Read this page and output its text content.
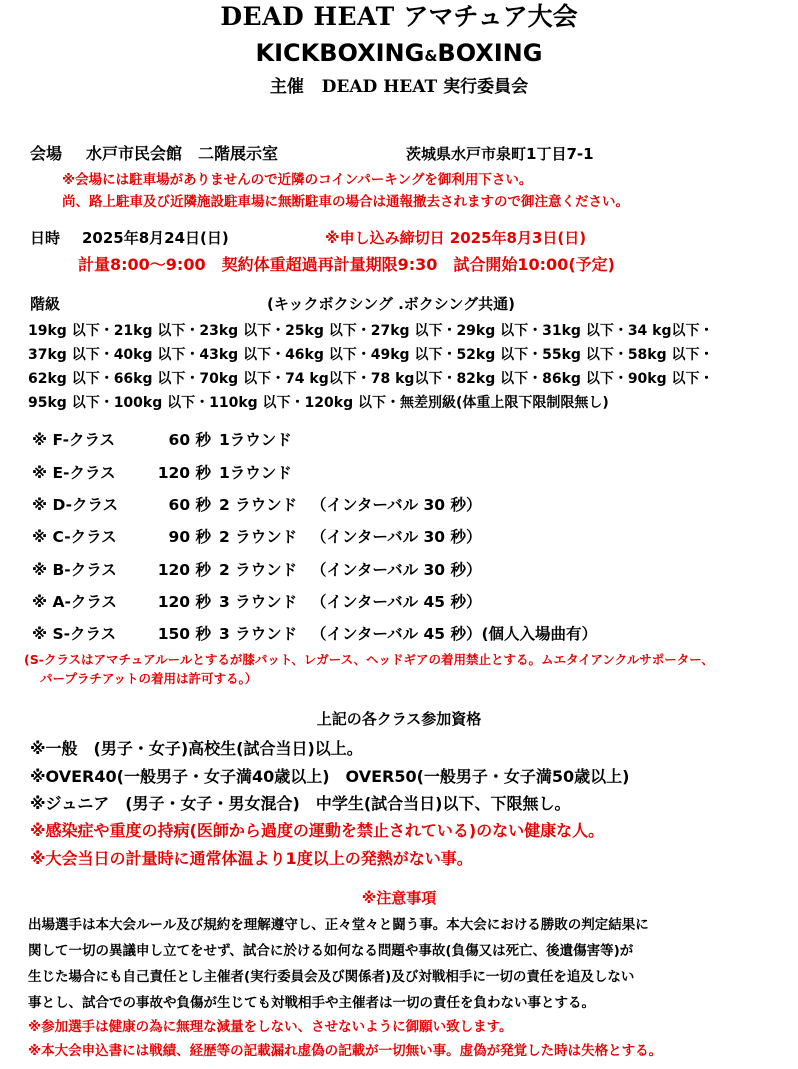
DEAD HEAT アマチュア大会
KICKBOXING&BOXING
主催 DEAD HEAT 実行委員会
会場 水戸市民会館　二階展示室	茨城県水戸市泉町1丁目7-1
※会場には駐車場がありませんので近隣のコインパーキングを御利用下さい。
尚、路上駐車及び近隣施設駐車場に無断駐車の場合は通報撤去されますので御注意ください。
日時 2025年8月24日(日)	※申し込み締切日 2025年8月3日(日)
計量8:00～9:00　契約体重超過再計量期限9:30　試合開始10:00(予定)
階級	(キックボクシング .ボクシング共通)
19kg 以下・21kg 以下・23kg 以下・25kg 以下・27kg 以下・29kg 以下・31kg 以下・34 kg以下・
37kg 以下・40kg 以下・43kg 以下・46kg 以下・49kg 以下・52kg 以下・55kg 以下・58kg 以下・
62kg 以下・66kg 以下・70kg 以下・74 kg以下・78 kg以下・82kg 以下・86kg 以下・90kg 以下・
95kg 以下・100kg 以下・110kg 以下・120kg 以下・無差別級(体重上限下限制限無し)
※ F-クラス	60 秒 1ラウンド
※ E-クラス	120 秒 1ラウンド
※ D-クラス	60 秒 2 ラウンド （インターバル 30 秒）
※ C-クラス	90 秒 2 ラウンド （インターバル 30 秒）
※ B-クラス	120 秒 2 ラウンド （インターバル 30 秒）
※ A-クラス	120 秒 3 ラウンド （インターバル 45 秒）
※ S-クラス	150 秒 3 ラウンド （インターバル 45 秒）(個人入場曲有）
(S-クラスはアマチュアルールとするが膝パット、レガース、ヘッドギアの着用禁止とする。ムエタイアンクルサポーター、
パープラチアットの着用は許可する。）
上記の各クラス参加資格
※一般　(男子・女子)高校生(試合当日)以上。
※OVER40(一般男子・女子満40歳以上)　OVER50(一般男子・女子満50歳以上)
※ジュニア　(男子・女子・男女混合)　中学生(試合当日)以下、下限無し。
※感染症や重度の持病(医師から過度の運動を禁止されている)のない健康な人。
※大会当日の計量時に通常体温より1度以上の発熱がない事。
※注意事項
出場選手は本大会ルール及び規約を理解遵守し、正々堂々と闘う事。本大会における勝敗の判定結果に
関して一切の異議申し立てをせず、試合に於ける如何なる問題や事故(負傷又は死亡、後遺傷害等)が
生じた場合にも自己責任とし主催者(実行委員会及び関係者)及び対戦相手に一切の責任を追及しない
事とし、試合での事故や負傷が生じても対戦相手や主催者は一切の責任を負わない事とする。
※参加選手は健康の為に無理な減量をしない、させないように御願い致します。
※本大会申込書には戦績、経歴等の記載漏れ虚偽の記載が一切無い事。虚偽が発覚した時は失格とする。
